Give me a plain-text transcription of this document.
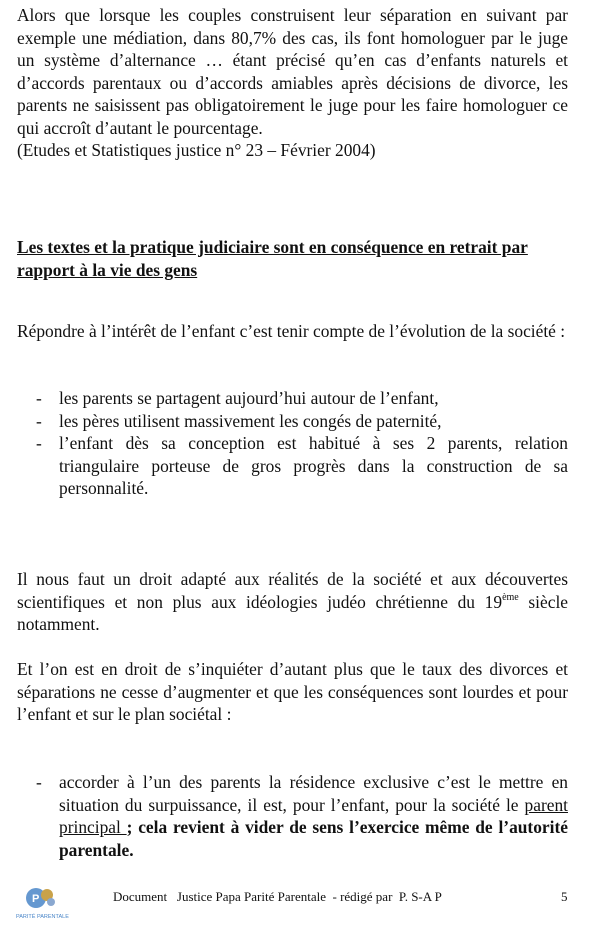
Alors que lorsque les couples construisent leur séparation en suivant par exemple une médiation, dans 80,7% des cas, ils font homologuer par le juge un système d’alternance … étant précisé qu’en cas d’enfants naturels et d’accords parentaux ou d’accords amiables après décisions de divorce, les parents ne saisissent pas obligatoirement le juge pour les faire homologuer ce qui accroît d’autant le pourcentage.
(Etudes et Statistiques justice n° 23 – Février 2004)

Les textes et la pratique judiciaire sont en conséquence en retrait par rapport à la vie des gens

Répondre à l’intérêt de l’enfant c’est tenir compte de l’évolution de la société :

- les parents se partagent aujourd’hui autour de l’enfant,
- les pères utilisent massivement les congés de paternité,
- l’enfant dès sa conception est habitué à ses 2 parents, relation triangulaire porteuse de gros progrès dans la construction de sa personnalité.

Il nous faut un droit adapté aux réalités de la société et aux découvertes scientifiques et non plus aux idéologies judéo chrétienne du 19ème siècle notamment.

Et l’on est en droit de s’inquiéter d’autant plus que le taux des divorces et séparations ne cesse d’augmenter et que les conséquences sont lourdes et pour l’enfant et sur le plan sociétal :

- accorder à l’un des parents la résidence exclusive c’est le mettre en situation du surpuissance, il est, pour l’enfant, pour la société le parent principal ; cela revient à vider de sens l’exercice même de l’autorité parentale.
P
PARITÉ PARENTALE
Document   Justice Papa Parité Parentale  - rédigé par  P. S-A P	5
